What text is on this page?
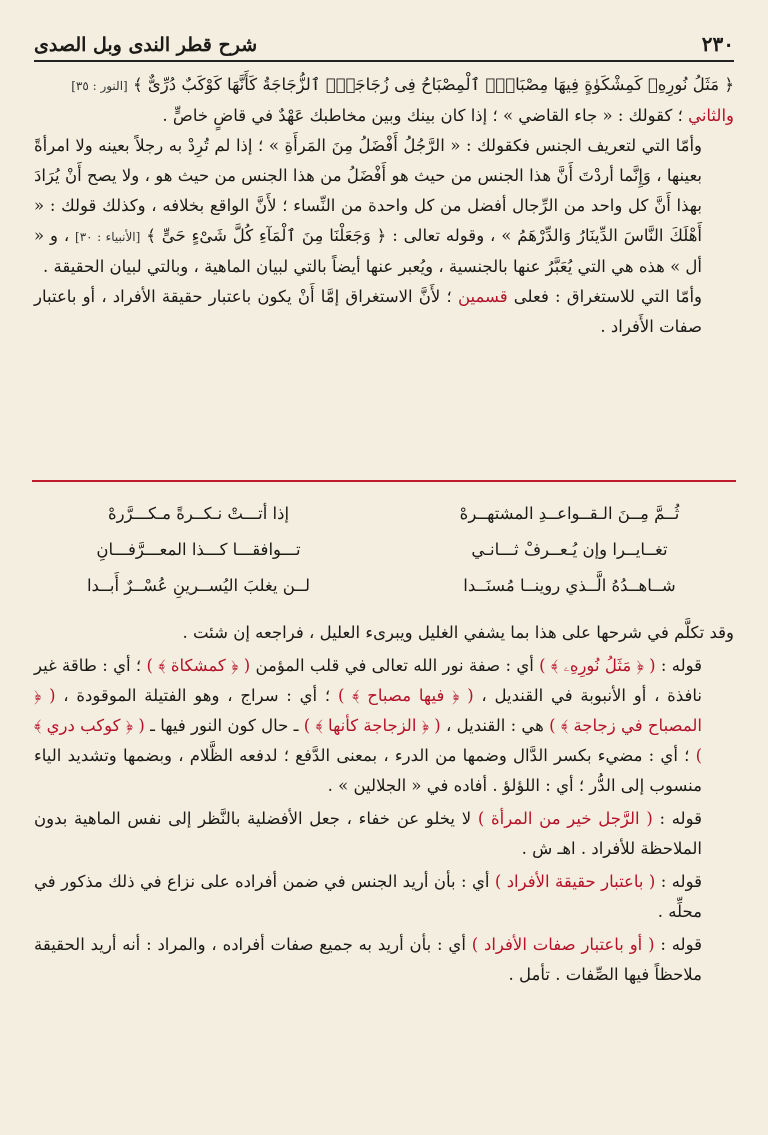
٢٣٠
شرح قطر الندى وبل الصدى

﴿ مَثَلُ نُورِهِۦ كَمِشْكَوٰةٍ فِيهَا مِصْبَاحٌۖ ٱلْمِصْبَاحُ فِى زُجَاجَةٍۖ ٱلزُّجَاجَةُ كَأَنَّهَا كَوْكَبٌ دُرِّىٌّ ﴾ [النور : ٣٥]

والثاني ؛ كقولك : « جاء القاضي » ؛ إذا كان بينك وبين مخاطبك عَهْدٌ في قاضٍ خاصٍّ .

وأمّا التي لتعريف الجنس فكقولك : « الرَّجُلُ أَفْضَلُ مِنَ المَرأَةِ » ؛ إذا لم تُرِدْ به رجلاً بعينه ولا امرأةً بعينها ، وَإِنَّما أردْتَ أَنَّ هذا الجنس من حيث هو أَفْضَلُ من هذا الجنس من حيث هو ، ولا يصح أَنْ يُرَادَ بهذا أَنَّ كل واحد من الرِّجال أفضل من كل واحدة من النِّساء ؛ لأَنَّ الواقع بخلافه ، وكذلك قولك : « أَهْلَكَ النَّاسَ الدِّينَارُ وَالدِّرْهَمُ » ، وقوله تعالى : ﴿ وَجَعَلْنَا مِنَ ٱلْمَآءِ كُلَّ شَىْءٍ حَىٍّ ﴾ [الأنبياء : ٣٠] ، و « أل » هذه هي التي يُعَبَّرُ عنها بالجنسية ، ويُعبر عنها أيضاً بالتي لبيان الماهية ، وبالتي لبيان الحقيقة .

وأمّا التي للاستغراق : فعلى قسمين ؛ لأَنَّ الاستغراق إمَّا أَنْ يكون باعتبار حقيقة الأفراد ، أو باعتبار صفات الأَفراد .

ثُــمَّ مِــنَ الـقــواعــدِ المشتهــرهْ
إذا أتـــتْ نـكــرةً مـكـــرَّرهْ
تغــايــرا وإن يُـعــرفْ ثـــانـي
تـــوافقـــا كـــذا المعـــرَّفـــانِ
شــاهــدُهُ الَّــذي روينــا مُسنَــدا
لــن يغلبَ اليُســرينِ عُسْــرٌ أَبــدا

وقد تكلَّم في شرحها على هذا بما يشفي الغليل ويبرىء العليل ، فراجعه إن شئت .

قوله : ( ﴿ مَثَلُ نُورِهِۦ ﴾ ) أي : صفة نور الله تعالى في قلب المؤمن ( ﴿ كمشكاة ﴾ ) ؛ أي : طاقة غير نافذة ، أو الأنبوبة في القنديل ، ( ﴿ فيها مصباح ﴾ ) ؛ أي : سراج ، وهو الفتيلة الموقودة ، ( ﴿ المصباح في زجاجة ﴾ ) هي : القنديل ، ( ﴿ الزجاجة كأنها ﴾ ) ـ حال كون النور فيها ـ ( ﴿ كوكب دري ﴾ ) ؛ أي : مضيء بكسر الدَّال وضمها من الدرء ، بمعنى الدَّفع ؛ لدفعه الظَّلام ، وبضمها وتشديد الياء منسوب إلى الدُّر ؛ أي : اللؤلؤ . أفاده في « الجلالين » .

قوله : ( الرَّجل خير من المرأة ) لا يخلو عن خفاء ، جعل الأفضلية بالنَّظر إلى نفس الماهية بدون الملاحظة للأفراد . اهـ ش .

قوله : ( باعتبار حقيقة الأفراد ) أي : بأن أريد الجنس في ضمن أفراده على نزاع في ذلك مذكور في محلِّه .

قوله : ( أو باعتبار صفات الأفراد ) أي : بأن أريد به جميع صفات أفراده ، والمراد : أنه أريد الحقيقة ملاحظاً فيها الصِّفات . تأمل .
